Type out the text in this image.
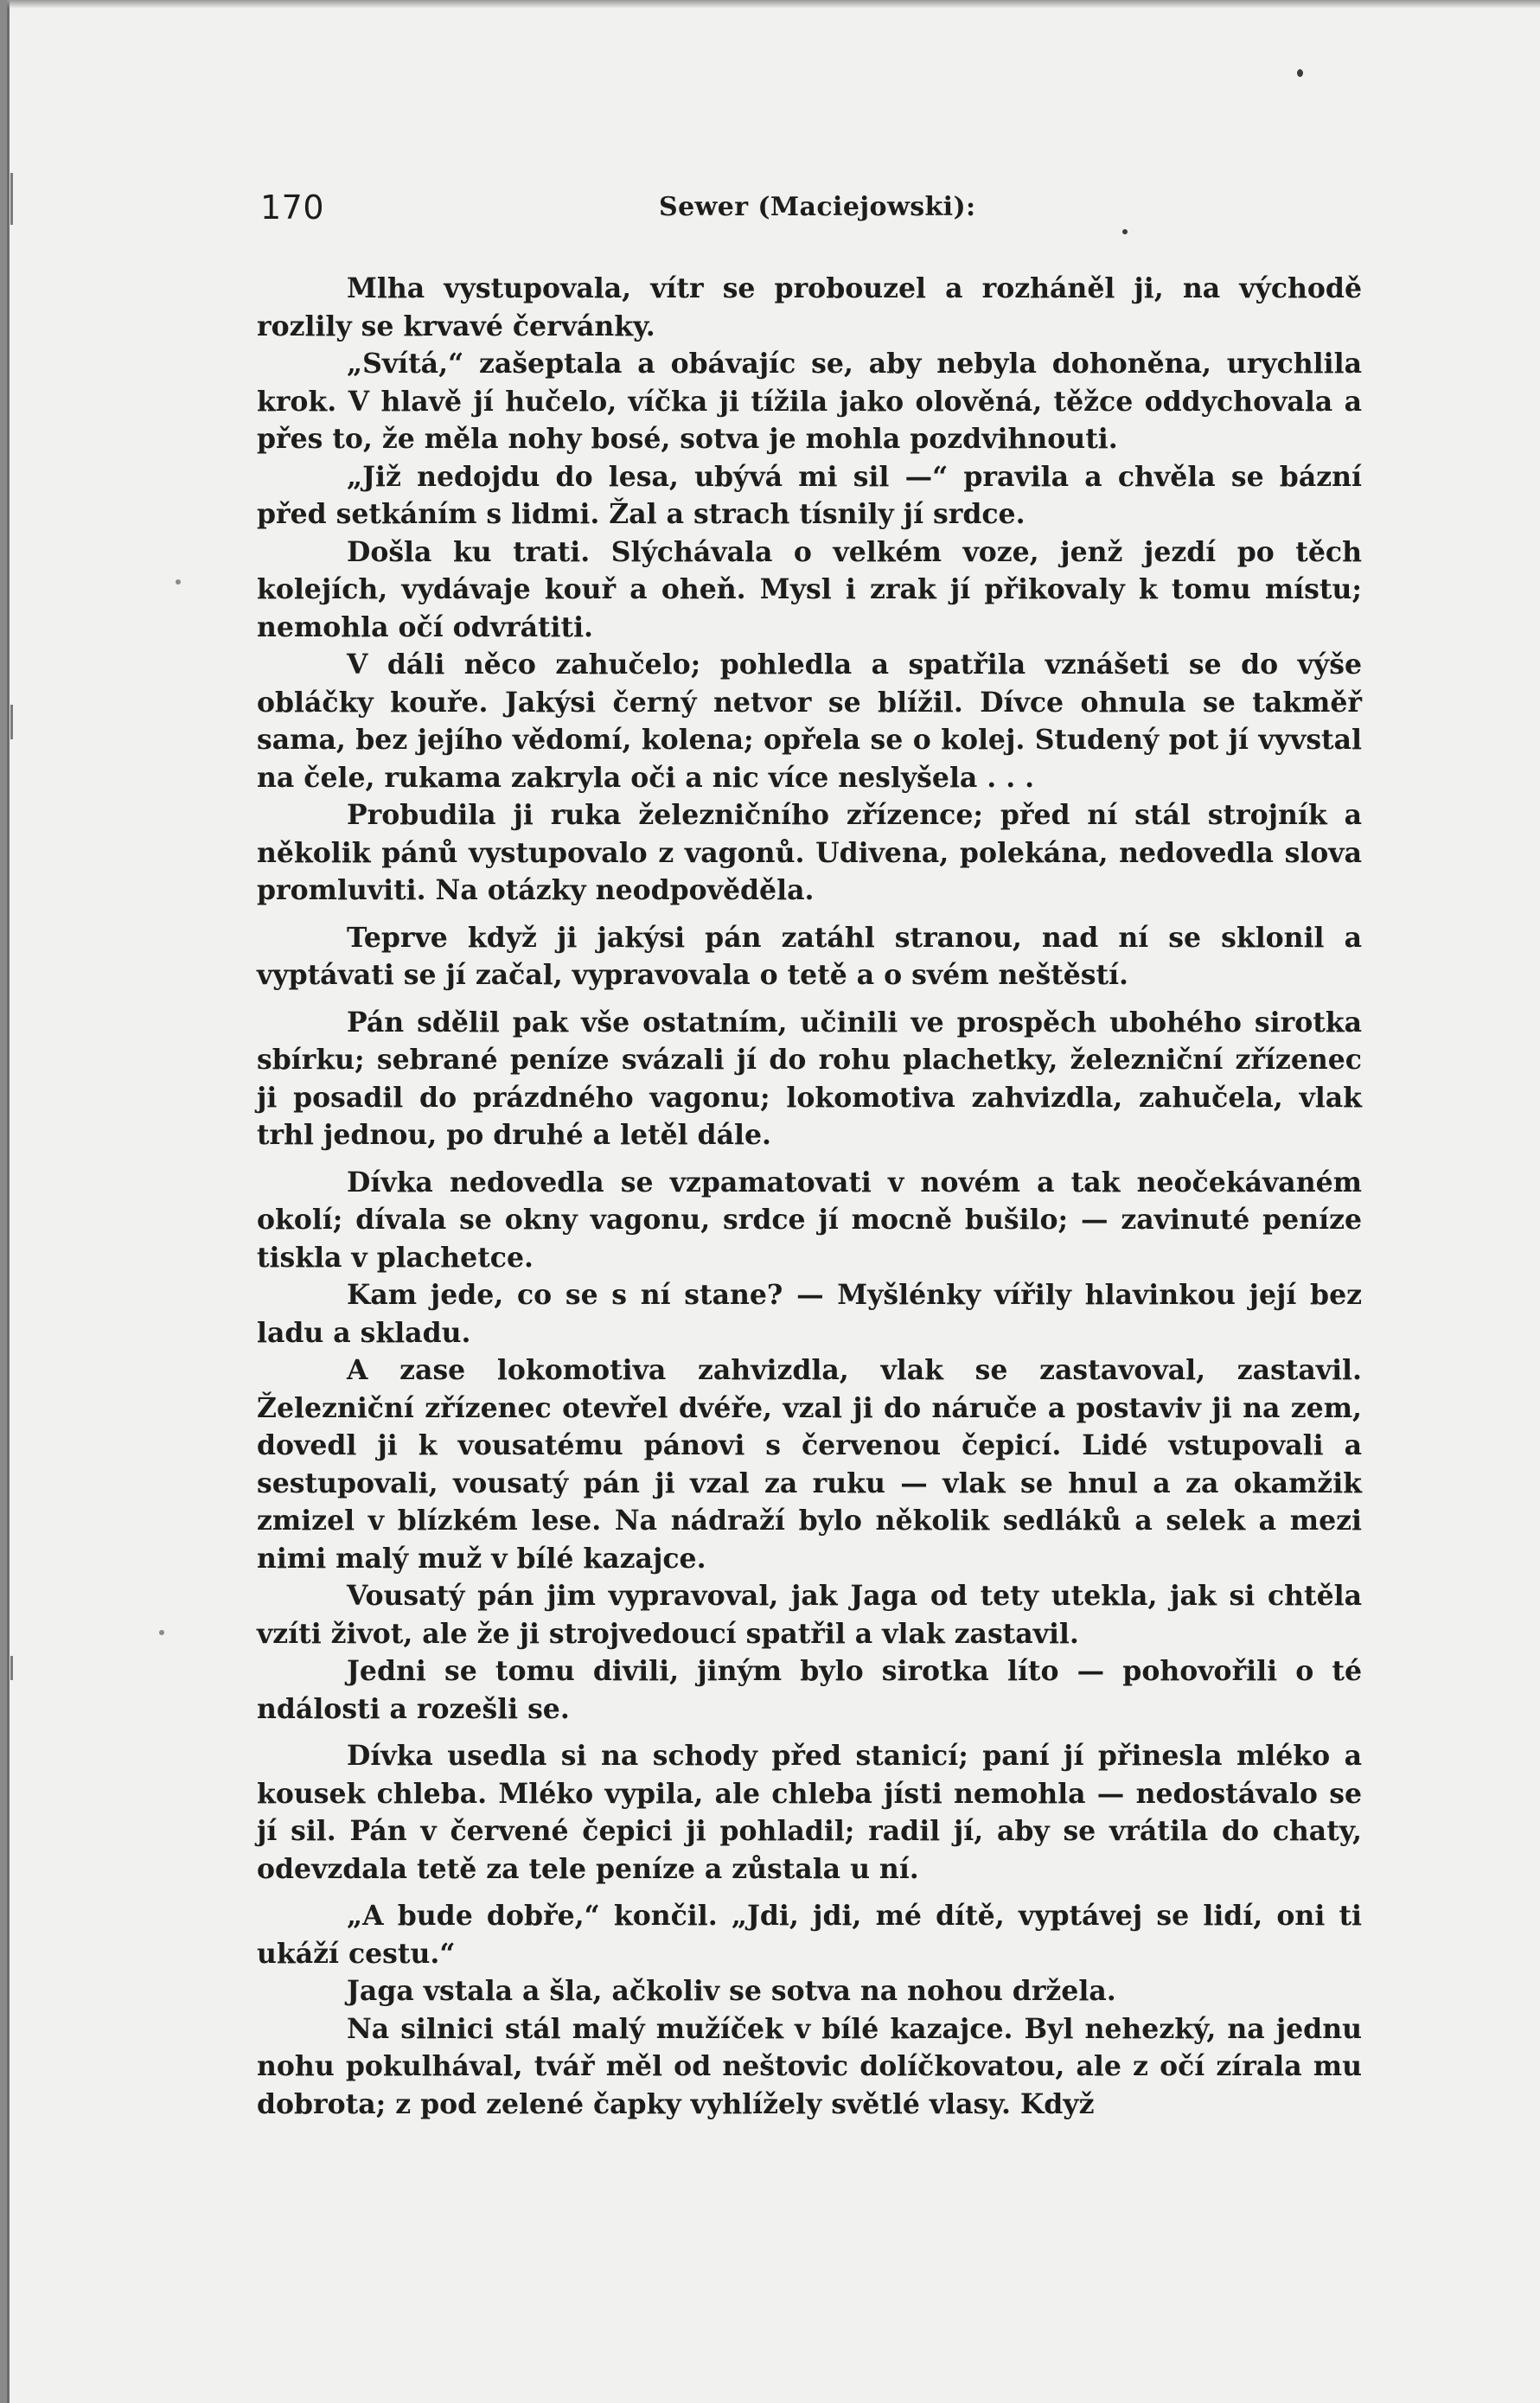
170	Sewer (Maciejowski):

Mlha vystupovala, vítr se probouzel a rozháněl ji, na východě rozlily se krvavé červánky.

„Svítá,“ zašeptala a obávajíc se, aby nebyla dohoněna, urychlila krok. V hlavě jí hučelo, víčka ji tížila jako olověná, těžce oddychovala a přes to, že měla nohy bosé, sotva je mohla pozdvihnouti.

„Již nedojdu do lesa, ubývá mi sil —“ pravila a chvěla se bázní před setkáním s lidmi. Žal a strach tísnily jí srdce.

Došla ku trati. Slýchávala o velkém voze, jenž jezdí po těch kolejích, vydávaje kouř a oheň. Mysl i zrak jí přikovaly k tomu místu; nemohla očí odvrátiti.

V dáli něco zahučelo; pohledla a spatřila vznášeti se do výše obláčky kouře. Jakýsi černý netvor se blížil. Dívce ohnula se takměř sama, bez jejího vědomí, kolena; opřela se o kolej. Studený pot jí vyvstal na čele, rukama zakryla oči a nic více neslyšela . . .

Probudila ji ruka železničního zřízence; před ní stál strojník a několik pánů vystupovalo z vagonů. Udivena, polekána, nedovedla slova promluviti. Na otázky neodpověděla.

Teprve když ji jakýsi pán zatáhl stranou, nad ní se sklonil a vyptávati se jí začal, vypravovala o tetě a o svém neštěstí.

Pán sdělil pak vše ostatním, učinili ve prospěch ubohého sirotka sbírku; sebrané peníze svázali jí do rohu plachetky, železniční zřízenec ji posadil do prázdného vagonu; lokomotiva zahvizdla, zahučela, vlak trhl jednou, po druhé a letěl dále.

Dívka nedovedla se vzpamatovati v novém a tak neočekávaném okolí; dívala se okny vagonu, srdce jí mocně bušilo; — zavinuté peníze tiskla v plachetce.

Kam jede, co se s ní stane? — Myšlénky vířily hlavinkou její bez ladu a skladu.

A zase lokomotiva zahvizdla, vlak se zastavoval, zastavil. Železniční zřízenec otevřel dvéře, vzal ji do náruče a postaviv ji na zem, dovedl ji k vousatému pánovi s červenou čepicí. Lidé vstupovali a sestupovali, vousatý pán ji vzal za ruku — vlak se hnul a za okamžik zmizel v blízkém lese. Na nádraží bylo několik sedláků a selek a mezi nimi malý muž v bílé kazajce.

Vousatý pán jim vypravoval, jak Jaga od tety utekla, jak si chtěla vzíti život, ale že ji strojvedoucí spatřil a vlak zastavil.

Jedni se tomu divili, jiným bylo sirotka líto — pohovořili o té ndálosti a rozešli se.

Dívka usedla si na schody před stanicí; paní jí přinesla mléko a kousek chleba. Mléko vypila, ale chleba jísti nemohla — nedostávalo se jí sil. Pán v červené čepici ji pohladil; radil jí, aby se vrátila do chaty, odevzdala tetě za tele peníze a zůstala u ní.

„A bude dobře,“ končil. „Jdi, jdi, mé dítě, vyptávej se lidí, oni ti ukáží cestu.“

Jaga vstala a šla, ačkoliv se sotva na nohou držela.

Na silnici stál malý mužíček v bílé kazajce. Byl nehezký, na jednu nohu pokulhával, tvář měl od neštovic dolíčkovatou, ale z očí zírala mu dobrota; z pod zelené čapky vyhlížely světlé vlasy. Když
